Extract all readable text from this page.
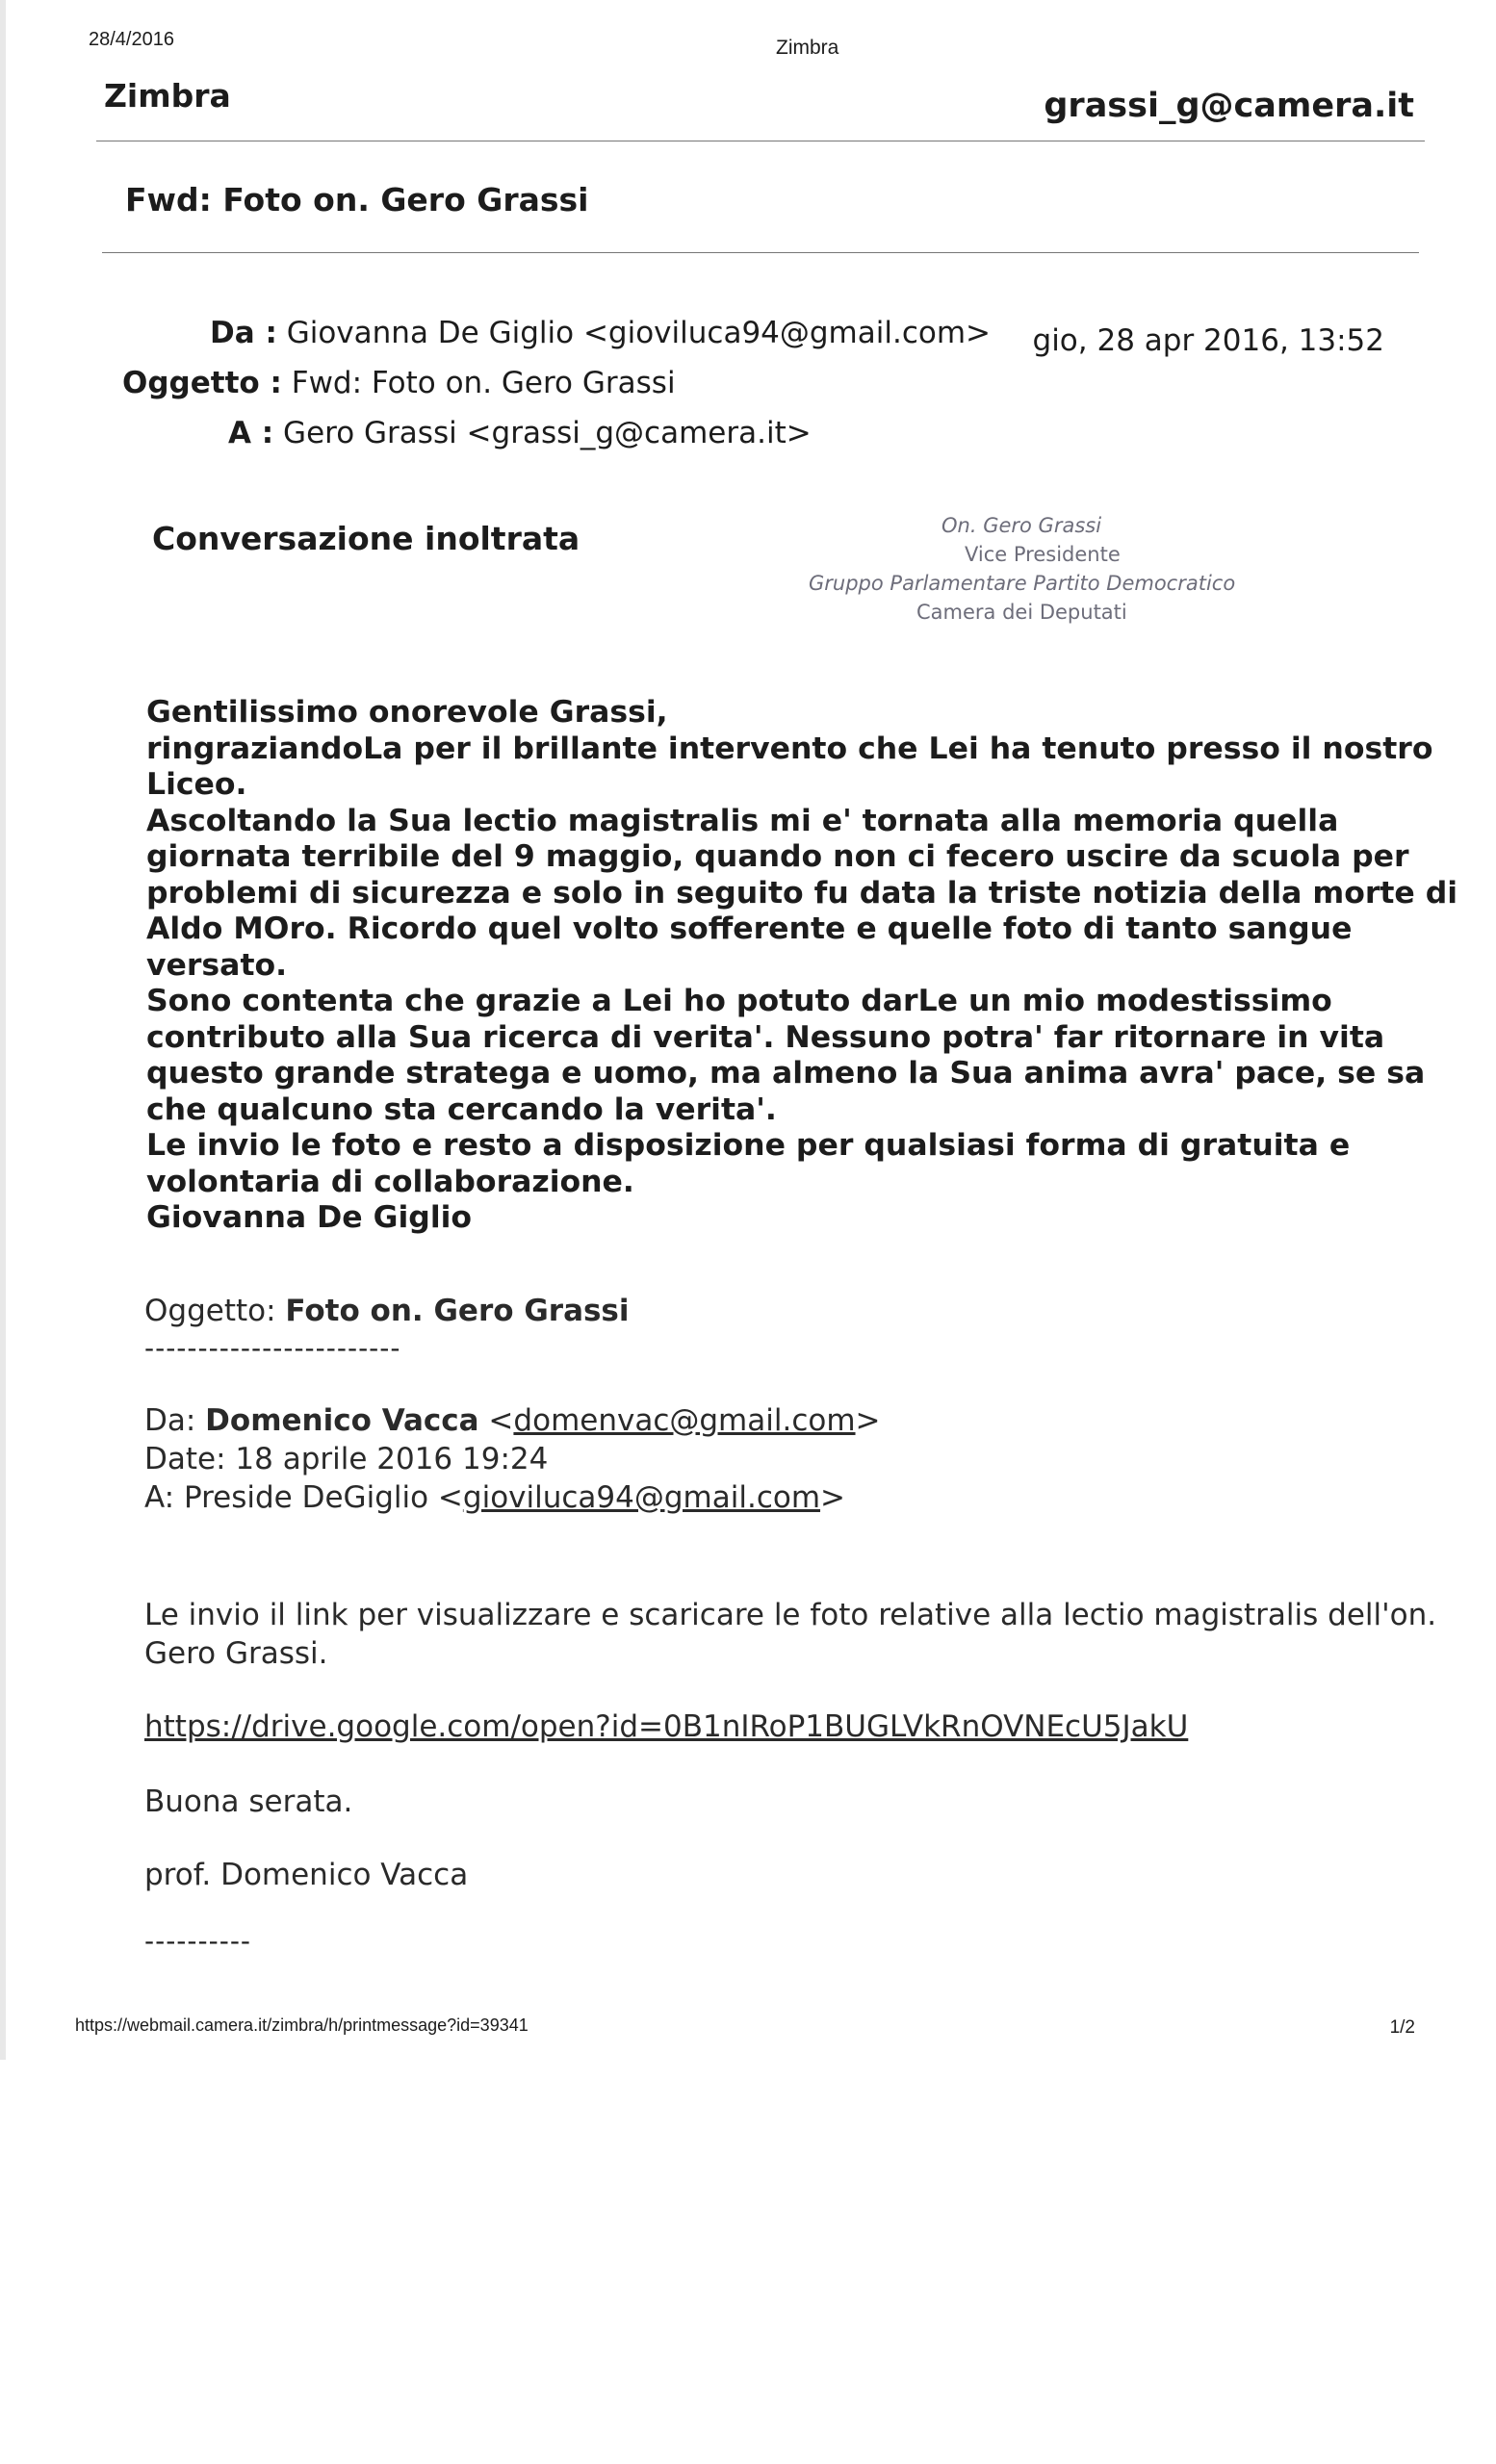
28/4/2016	Zimbra
Zimbra	grassi_g@camera.it
Fwd: Foto on. Gero Grassi
Da : Giovanna De Giglio <gioviluca94@gmail.com> gio, 28 apr 2016, 13:52
Oggetto : Fwd: Foto on. Gero Grassi
A : Gero Grassi <grassi_g@camera.it>
Conversazione inoltrata	On. Gero Grassi
Vice Presidente
Gruppo Parlamentare Partito Democratico
Camera dei Deputati
Gentilissimo onorevole Grassi,
ringraziandoLa per il brillante intervento che Lei ha tenuto presso il nostro
Liceo.
Ascoltando la Sua lectio magistralis mi e' tornata alla memoria quella
giornata terribile del 9 maggio, quando non ci fecero uscire da scuola per
problemi di sicurezza e solo in seguito fu data la triste notizia della morte di
Aldo MOro. Ricordo quel volto sofferente e quelle foto di tanto sangue
versato.
Sono contenta che grazie a Lei ho potuto darLe un mio modestissimo
contributo alla Sua ricerca di verita'. Nessuno potra' far ritornare in vita
questo grande stratega e uomo, ma almeno la Sua anima avra' pace, se sa
che qualcuno sta cercando la verita'.
Le invio le foto e resto a disposizione per qualsiasi forma di gratuita e
volontaria di collaborazione.
Giovanna De Giglio
Oggetto: Foto on. Gero Grassi
------------------------
Da: Domenico Vacca <domenvac@gmail.com>
Date: 18 aprile 2016 19:24
A: Preside DeGiglio <gioviluca94@gmail.com>
Le invio il link per visualizzare e scaricare le foto relative alla lectio magistralis dell'on.
Gero Grassi.
https://drive.google.com/open?id=0B1nIRoP1BUGLVkRnOVNEcU5JakU
Buona serata.
prof. Domenico Vacca
----------
https://webmail.camera.it/zimbra/h/printmessage?id=39341	1/2
